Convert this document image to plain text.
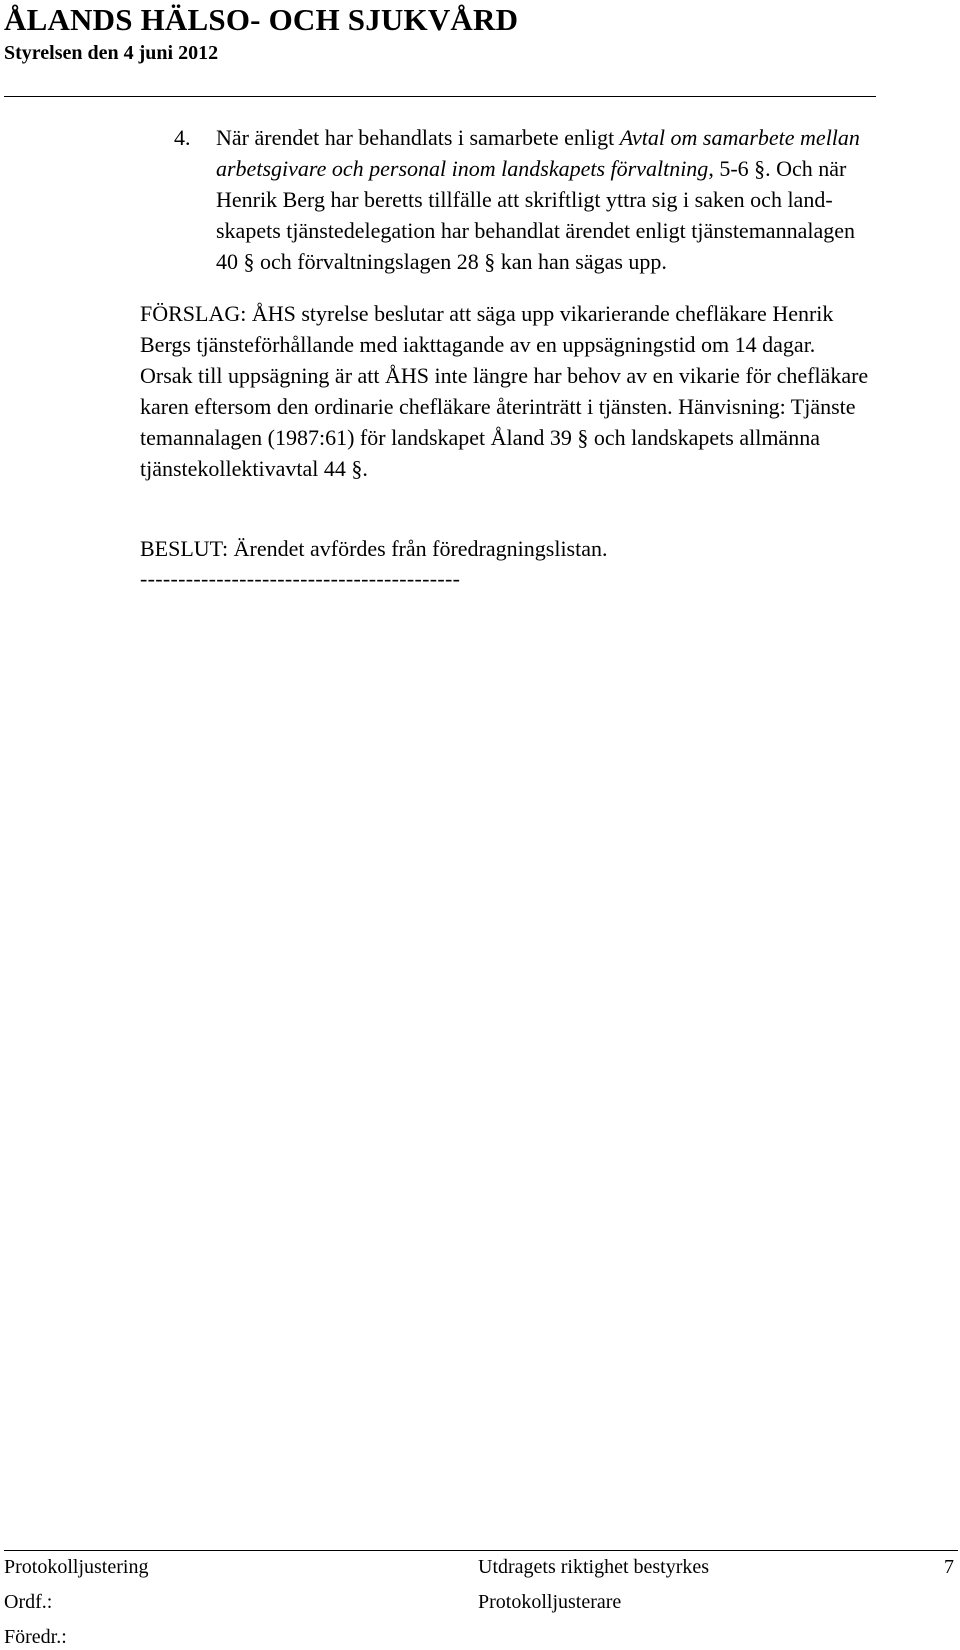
ÅLANDS HÄLSO- OCH SJUKVÅRD
Styrelsen den 4 juni 2012
4. När ärendet har behandlats i samarbete enligt Avtal om samarbete mellan
arbetsgivare och personal inom landskapets förvaltning, 5-6 §. Och när
Henrik Berg har beretts tillfälle att skriftligt yttra sig i saken och land-
skapets tjänstedelegation har behandlat ärendet enligt tjänstemannalagen
40 § och förvaltningslagen 28 § kan han sägas upp.
FÖRSLAG: ÅHS styrelse beslutar att säga upp vikarierande chefläkare Henrik
Bergs tjänsteförhållande med iakttagande av en uppsägningstid om 14 dagar.
Orsak till uppsägning är att ÅHS inte längre har behov av en vikarie för chefläkare
karen eftersom den ordinarie chefläkare återinträtt i tjänsten. Hänvisning: Tjänste
temannalagen (1987:61) för landskapet Åland 39 § och landskapets allmänna
tjänstekollektivavtal 44 §.
BESLUT: Ärendet avfördes från föredragningslistan.
------------------------------------------
Protokolljustering	Utdragets riktighet bestyrkes	7
Ordf.:	Protokolljusterare
Föredr.:
